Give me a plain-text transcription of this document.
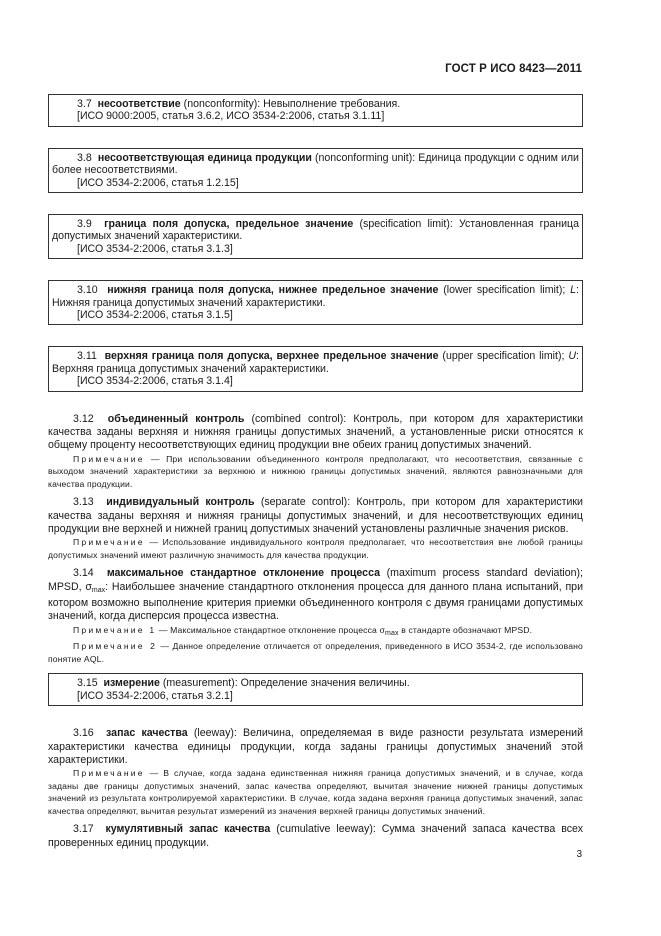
ГОСТ Р ИСО 8423—2011

3.7 несоответствие (nonconformity): Невыполнение требования.

[ИСО 9000:2005, статья 3.6.2, ИСО 3534-2:2006, статья 3.1.11]

3.8 несоответствующая единица продукции (nonconforming unit): Единица продукции с одним или более несоответствиями.

[ИСО 3534-2:2006, статья 1.2.15]

3.9 граница поля допуска, предельное значение (specification limit): Установленная граница допустимых значений характеристики.

[ИСО 3534-2:2006, статья 3.1.3]

3.10 нижняя граница поля допуска, нижнее предельное значение (lower specification limit); L: Нижняя граница допустимых значений характеристики.

[ИСО 3534-2:2006, статья 3.1.5]

3.11 верхняя граница поля допуска, верхнее предельное значение (upper specification limit); U: Верхняя граница допустимых значений характеристики.

[ИСО 3534-2:2006, статья 3.1.4]

3.12 объединенный контроль (combined control): Контроль, при котором для характеристики качества заданы верхняя и нижняя границы допустимых значений, а установленные риски относятся к общему проценту несоответствующих единиц продукции вне обеих границ допустимых значений.

Примечание — При использовании объединенного контроля предполагают, что несоответствия, связанные с выходом значений характеристики за верхнюю и нижнюю границы допустимых значений, являются равнозначными для качества продукции.

3.13 индивидуальный контроль (separate control): Контроль, при котором для характеристики качества заданы верхняя и нижняя границы допустимых значений, и для несоответствующих единиц продукции вне верхней и нижней границ допустимых значений установлены различные значения рисков.

Примечание — Использование индивидуального контроля предполагает, что несоответствия вне любой границы допустимых значений имеют различную значимость для качества продукции.

3.14 максимальное стандартное отклонение процесса (maximum process standard deviation); MPSD, $\sigma_{max}$: Наибольшее значение стандартного отклонения процесса для данного плана испытаний, при котором возможно выполнение критерия приемки объединенного контроля с двумя границами допустимых значений, когда дисперсия процесса известна.

Примечание 1 — Максимальное стандартное отклонение процесса $\sigma_{max}$ в стандарте обозначают MPSD.

Примечание 2 — Данное определение отличается от определения, приведенного в ИСО 3534-2, где использовано понятие AQL.

3.15 измерение (measurement): Определение значения величины.

[ИСО 3534-2:2006, статья 3.2.1]

3.16 запас качества (leeway): Величина, определяемая в виде разности результата измерений характеристики качества единицы продукции, когда заданы границы допустимых значений этой характеристики.

Примечание — В случае, когда задана единственная нижняя граница допустимых значений, и в случае, когда заданы две границы допустимых значений, запас качества определяют, вычитая значение нижней границы допустимых значений из результата контролируемой характеристики. В случае, когда задана верхняя граница допустимых значений, запас качества определяют, вычитая результат измерений из значения верхней границы допустимых значений.

3.17 кумулятивный запас качества (cumulative leeway): Сумма значений запаса качества всех проверенных единиц продукции.

3
